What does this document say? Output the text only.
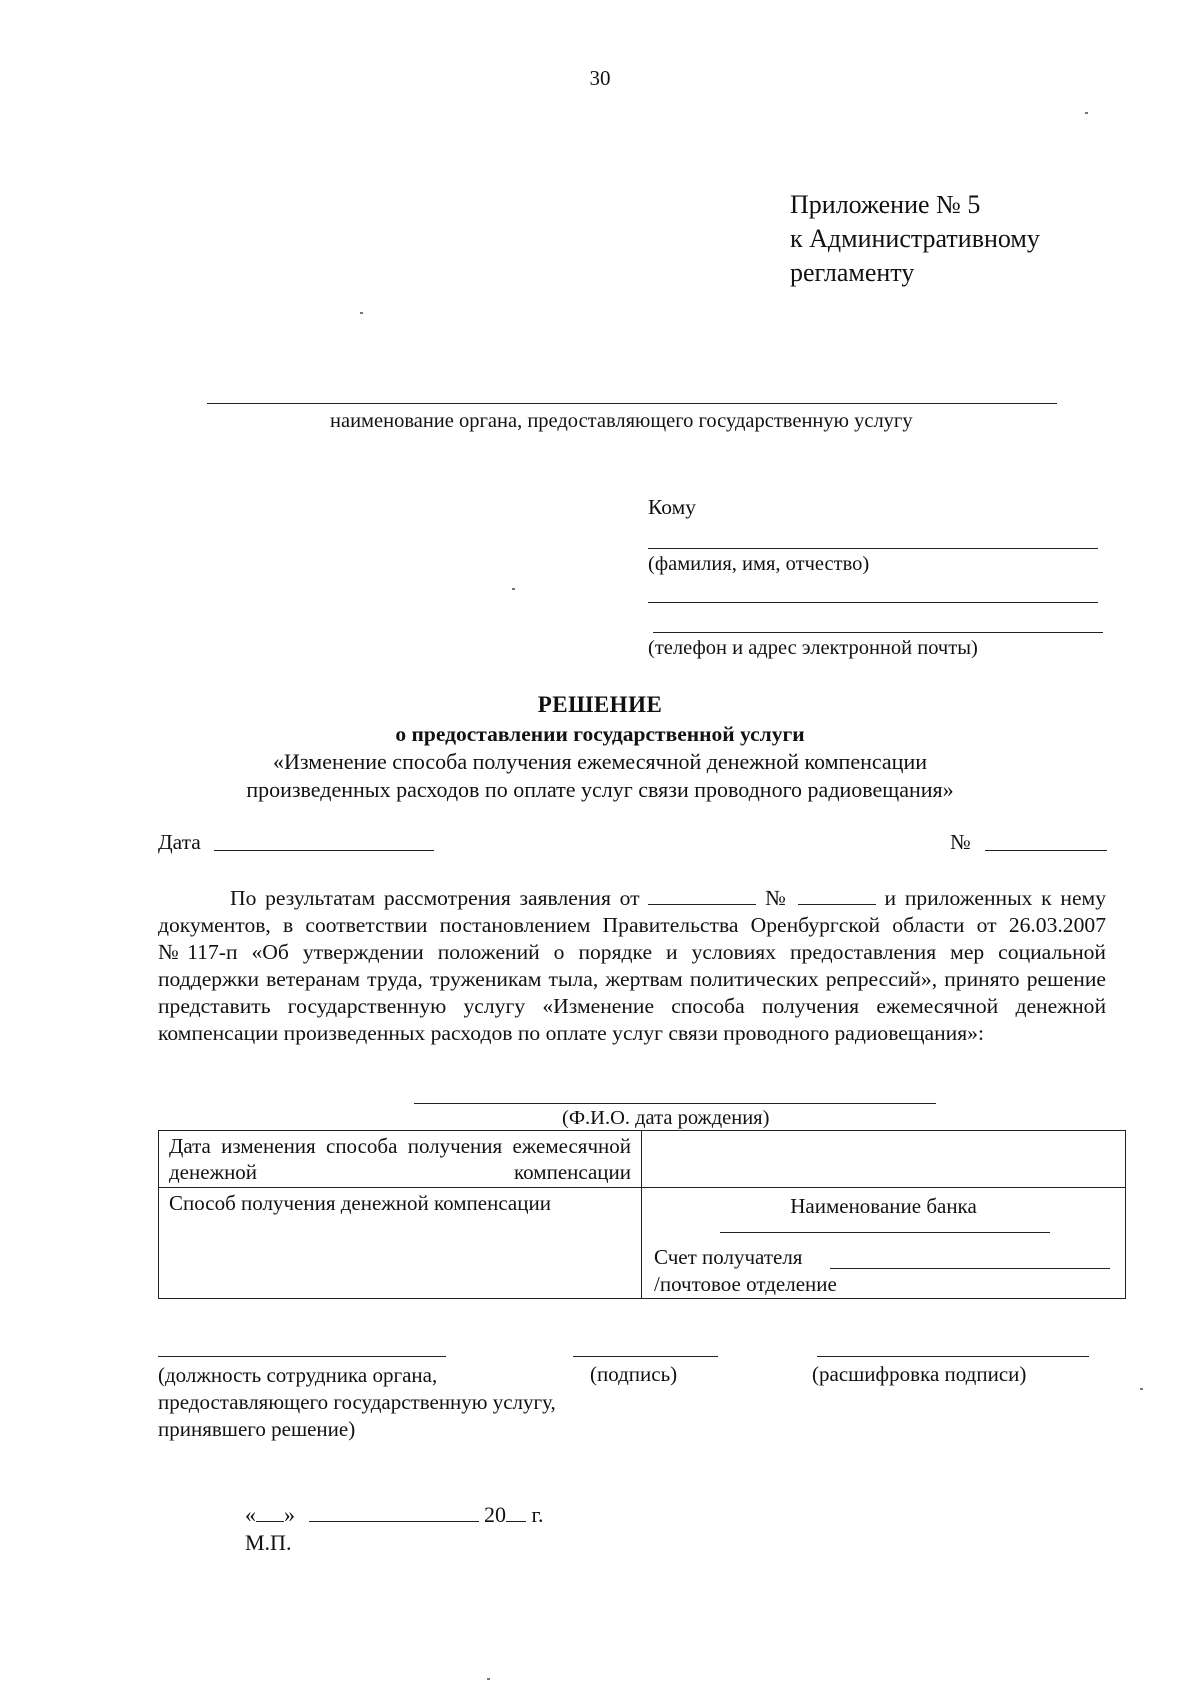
30
Приложение № 5
к Административному
регламенту
наименование органа, предоставляющего государственную услугу
Кому
(фамилия, имя, отчество)
(телефон и адрес электронной почты)
РЕШЕНИЕ
о предоставлении государственной услуги
«Изменение способа получения ежемесячной денежной компенсации
произведенных расходов по оплате услуг связи проводного радиовещания»
Дата	№
По результатам рассмотрения заявления от	№	и приложенных к нему документов, в соответствии постановлением Правительства Оренбургской области от 26.03.2007 №117-п «Об утверждении положений о порядке и условиях предоставления мер социальной поддержки ветеранам труда, труженикам тыла, жертвам политических репрессий», принято решение представить государственную услугу «Изменение способа получения ежемесячной денежной компенсации произведенных расходов по оплате услуг связи проводного радиовещания»:
(Ф.И.О. дата рождения)
Дата изменения способа получения ежемесячной денежной компенсации	

Способ получения денежной компенсации	Наименование банка
Счет получателя
/почтовое отделение
(должность сотрудника органа, предоставляющего государственную услугу, принявшего решение)
(подпись)	(расшифровка подписи)
« »	20 г.
М.П.
